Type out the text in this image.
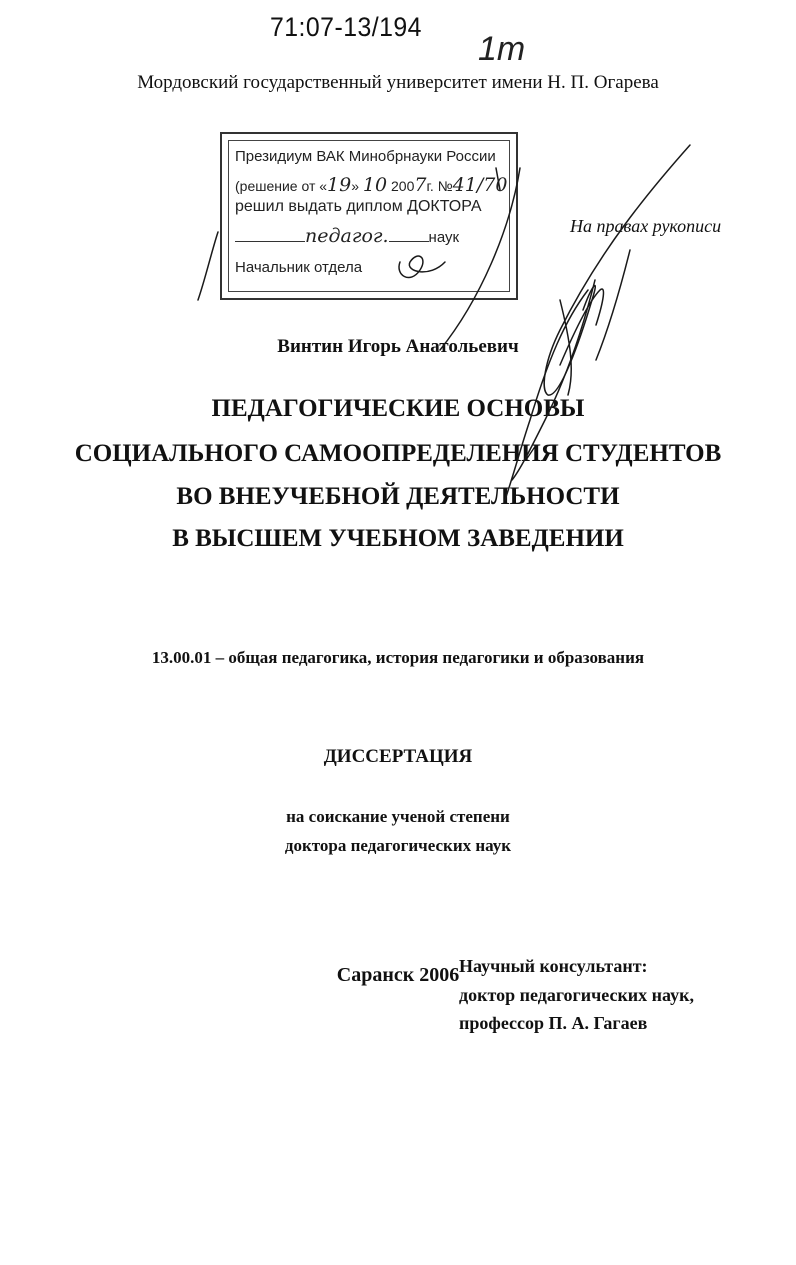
71:07-13/194
1т
Мордовский государственный университет имени Н. П. Огарева
Президиум ВАК Минобрнауки России
(решение от «19» 10 2007г. №41/70
решил выдать диплом ДОКТОРА
педагог.	наук
Начальник отдела
На правах рукописи
Винтин Игорь Анатольевич
ПЕДАГОГИЧЕСКИЕ ОСНОВЫ
СОЦИАЛЬНОГО САМООПРЕДЕЛЕНИЯ СТУДЕНТОВ
ВО ВНЕУЧЕБНОЙ ДЕЯТЕЛЬНОСТИ
В ВЫСШЕМ УЧЕБНОМ ЗАВЕДЕНИИ
13.00.01 – общая педагогика, история педагогики и образования
ДИССЕРТАЦИЯ
на соискание ученой степени
доктора педагогических наук
Научный консультант:
доктор педагогических наук,
профессор П. А. Гагаев
Саранск 2006
